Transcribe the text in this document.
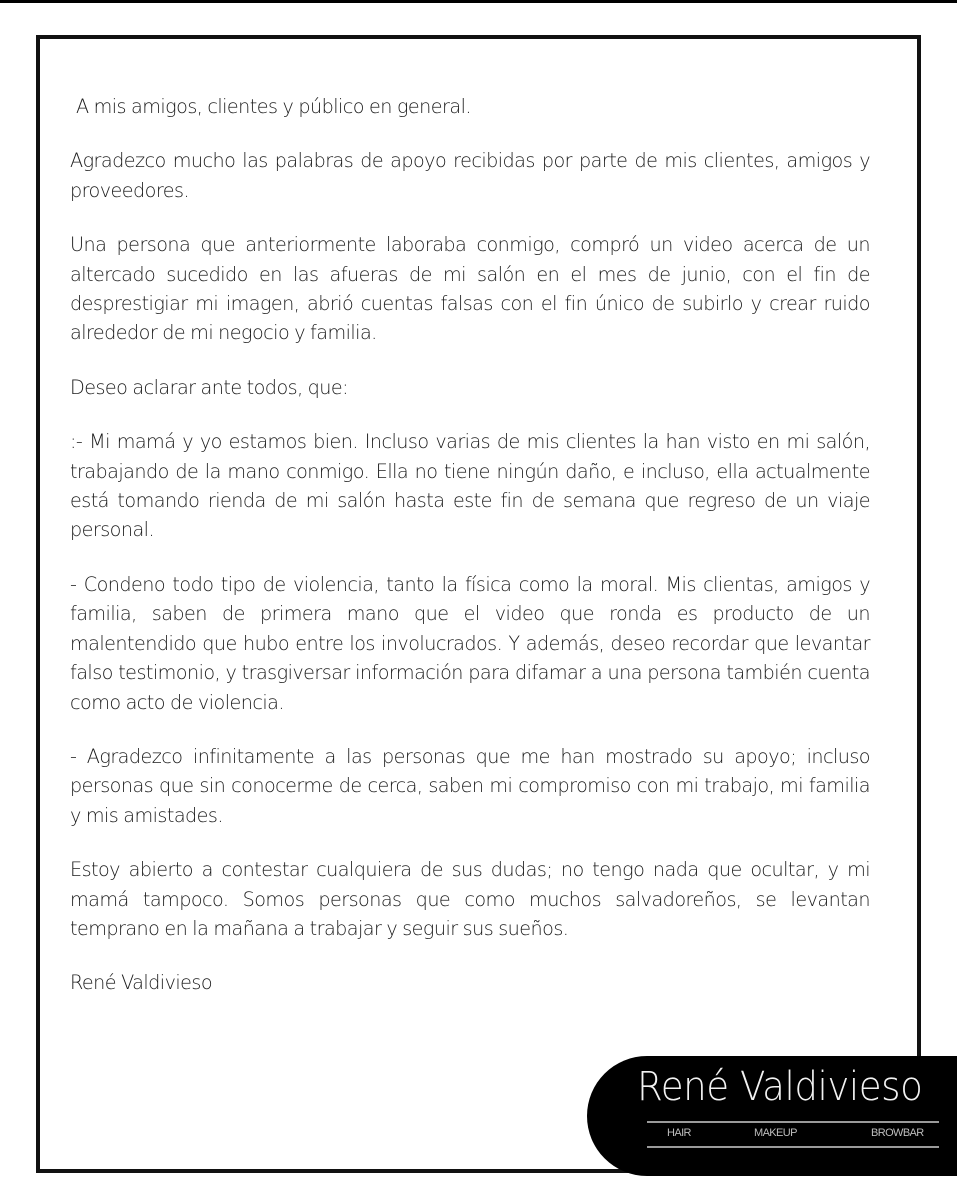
A mis amigos, clientes y público en general.

Agradezco mucho las palabras de apoyo recibidas por parte de mis clientes, amigos y proveedores.

Una persona que anteriormente laboraba conmigo, compró un video acerca de un altercado sucedido en las afueras de mi salón en el mes de junio, con el fin de desprestigiar mi imagen, abrió cuentas falsas con el fin único de subirlo y crear ruido alrededor de mi negocio y familia.

Deseo aclarar ante todos, que:

:- Mi mamá y yo estamos bien. Incluso varias de mis clientes la han visto en mi salón, trabajando de la mano conmigo. Ella no tiene ningún daño, e incluso, ella actualmente está tomando rienda de mi salón hasta este fin de semana que regreso de un viaje personal.

- Condeno todo tipo de violencia, tanto la física como la moral. Mis clientas, amigos y familia, saben de primera mano que el video que ronda es producto de un malentendido que hubo entre los involucrados. Y además, deseo recordar que levantar falso testimonio, y trasgiversar información para difamar a una persona también cuenta como acto de violencia.

- Agradezco infinitamente a las personas que me han mostrado su apoyo; incluso personas que sin conocerme de cerca, saben mi compromiso con mi trabajo, mi familia y mis amistades.

Estoy abierto a contestar cualquiera de sus dudas; no tengo nada que ocultar, y mi mamá tampoco. Somos personas que como muchos salvadoreños, se levantan temprano en la mañana a trabajar y seguir sus sueños.

René Valdivieso

René Valdivieso
HAIR	MAKEUP	BROWBAR
